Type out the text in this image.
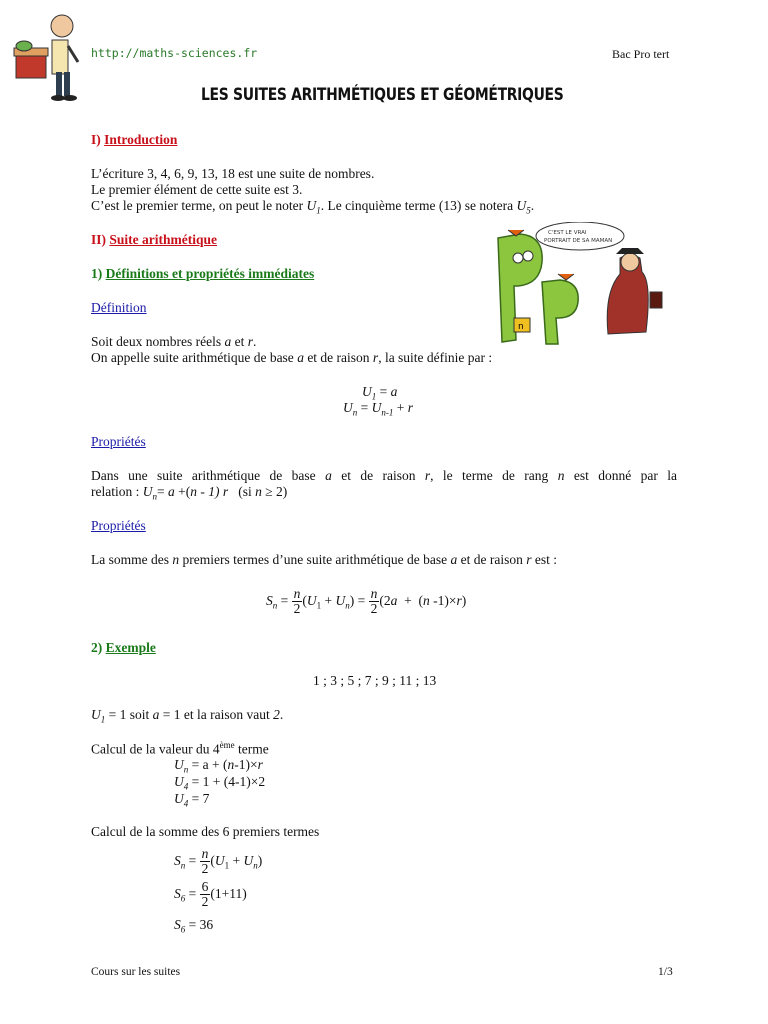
http://maths-sciences.fr	Bac Pro tert
LES SUITES ARITHMÉTIQUES ET GÉOMÉTRIQUES
I) Introduction
L’écriture 3, 4, 6, 9, 13, 18 est une suite de nombres.
Le premier élément de cette suite est 3.
C’est le premier terme, on peut le noter $U_1$. Le cinquième terme (13) se notera $U_5$.
II) Suite arithmétique
n
C'EST LE VRAI
PORTRAIT DE SA MAMAN
1) Définitions et propriétés immédiates
Définition
Soit deux nombres réels a et r.
On appelle suite arithmétique de base a et de raison r, la suite définie par :
$U_1 = a$
$U_n = U_{n-1} + r$
Propriétés
Dans une suite arithmétique de base a et de raison r, le terme de rang n est donné par la
relation : $U_n= a +(n - 1)$ r (si n ≥ 2)
Propriétés
La somme des n premiers termes d’une suite arithmétique de base a et de raison r est :
$S_n = \frac{n}{2} (U_1 + U_n) = \frac{n}{2} (2a + (n$ -1)×r)
2) Exemple
1 ; 3 ; 5 ; 7 ; 9 ; 11 ; 13
$U_1 = 1$ soit a = 1 et la raison vaut 2.
Calcul de la valeur du 4ème terme
$U_n = a + (n-1)\times r$
$U_4 = 1 + (4-1)\times 2$
$U_4 = 7$
Calcul de la somme des 6 premiers termes
$S_n = \frac{n}{2} (U_1 + U_n)$
$S_6 = \frac{6}{2} (1+11)$
$S_6 = 36$
Cours sur les suites	1/3
